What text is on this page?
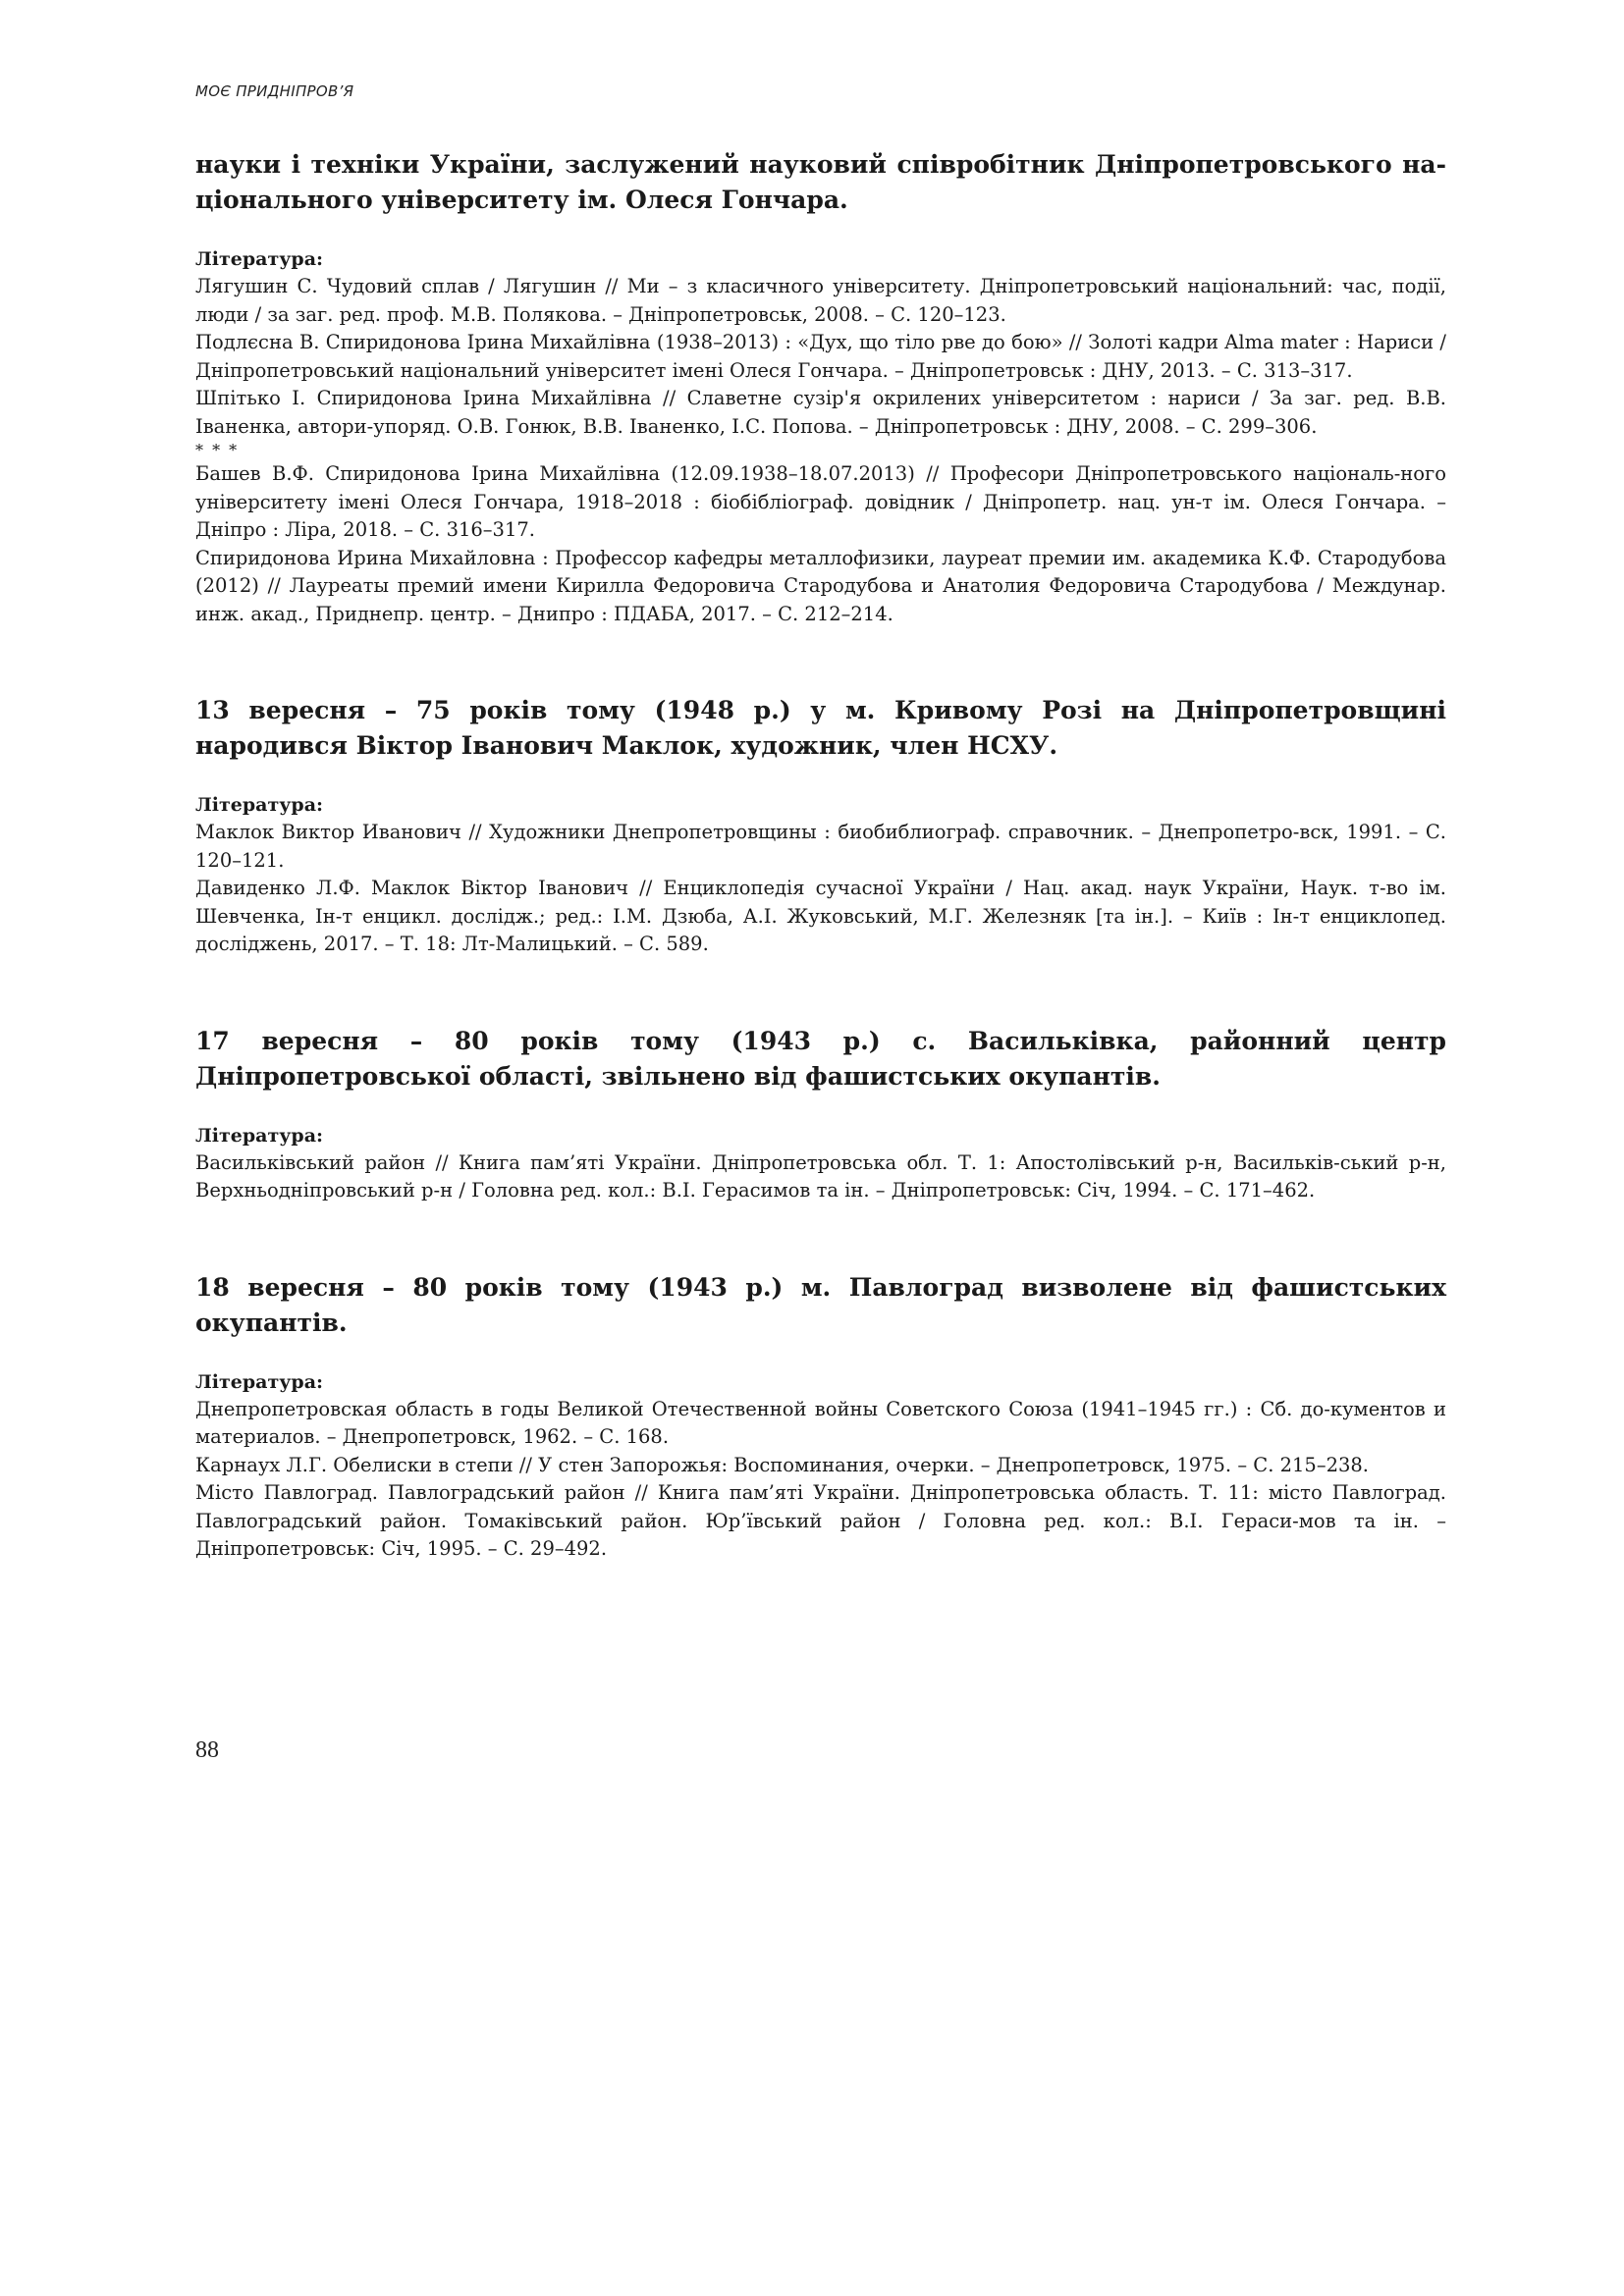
МОЄ ПРИДНІПРОВ’Я

науки і техніки України, заслужений науковий співробітник Дніпропетровського на-ціонального університету ім. Олеся Гончара.

Література:

Лягушин С. Чудовий сплав / Лягушин // Ми – з класичного університету. Дніпропетровський національний: час, події, люди / за заг. ред. проф. М.В. Полякова. – Дніпропетровськ, 2008. – С. 120–123.

Подлєсна В. Спиридонова Ірина Михайлівна (1938–2013) : «Дух, що тіло рве до бою» // Золоті кадри Alma mater : Нариси / Дніпропетровський національний університет імені Олеся Гончара. – Дніпропетровськ : ДНУ, 2013. – С. 313–317.

Шпітько І. Спиридонова Ірина Михайлівна // Славетне сузір'я окрилених університетом : нариси / За заг. ред. В.В. Іваненка, автори-упоряд. О.В. Гонюк, В.В. Іваненко, І.С. Попова. – Дніпропетровськ : ДНУ, 2008. – С. 299–306.

* * *

Башев В.Ф. Спиридонова Ірина Михайлівна (12.09.1938–18.07.2013) // Професори Дніпропетровського національ-ного університету імені Олеся Гончара, 1918–2018 : біобібліограф. довідник / Дніпропетр. нац. ун-т ім. Олеся Гончара. – Дніпро : Ліра, 2018. – С. 316–317.

Спиридонова Ирина Михайловна : Профессор кафедры металлофизики, лауреат премии им. академика К.Ф. Стародубова (2012) // Лауреаты премий имени Кирилла Федоровича Стародубова и Анатолия Федоровича Стародубова / Междунар. инж. акад., Приднепр. центр. – Днипро : ПДАБА, 2017. – С. 212–214.

13 вересня – 75 років тому (1948 р.) у м. Кривому Розі на Дніпропетровщині народився Віктор Іванович Маклок, художник, член НСХУ.

Література:

Маклок Виктор Иванович // Художники Днепропетровщины : биобиблиограф. справочник. – Днепропетро-вск, 1991. – С. 120–121.

Давиденко Л.Ф. Маклок Віктор Іванович // Енциклопедія сучасної України / Нац. акад. наук України, Наук. т-во ім. Шевченка, Ін-т енцикл. дослідж.; ред.: І.М. Дзюба, А.І. Жуковський, М.Г. Железняк [та ін.]. – Київ : Ін-т енциклопед. досліджень, 2017. – Т. 18: Лт-Малицький. – С. 589.

17 вересня – 80 років тому (1943 р.) с. Васильківка, районний центр Дніпропетровської області, звільнено від фашистських окупантів.

Література:

Васильківський район // Книга пам’яті України. Дніпропетровська обл. Т. 1: Апостолівський р-н, Васильків-ський р-н, Верхньодніпровський р-н / Головна ред. кол.: В.І. Герасимов та ін. – Дніпропетровськ: Січ, 1994. – С. 171–462.

18 вересня – 80 років тому (1943 р.) м. Павлоград визволене від фашистських окупантів.

Література:

Днепропетровская область в годы Великой Отечественной войны Советского Союза (1941–1945 гг.) : Сб. до-кументов и материалов. – Днепропетровск, 1962. – С. 168.

Карнаух Л.Г. Обелиски в степи // У стен Запорожья: Воспоминания, очерки. – Днепропетровск, 1975. – С. 215–238.

Місто Павлоград. Павлоградський район // Книга пам’яті України. Дніпропетровська область. Т. 11: місто Павлоград. Павлоградський район. Томаківський район. Юр’ївський район / Головна ред. кол.: В.І. Гераси-мов та ін. – Дніпропетровськ: Січ, 1995. – С. 29–492.

88
